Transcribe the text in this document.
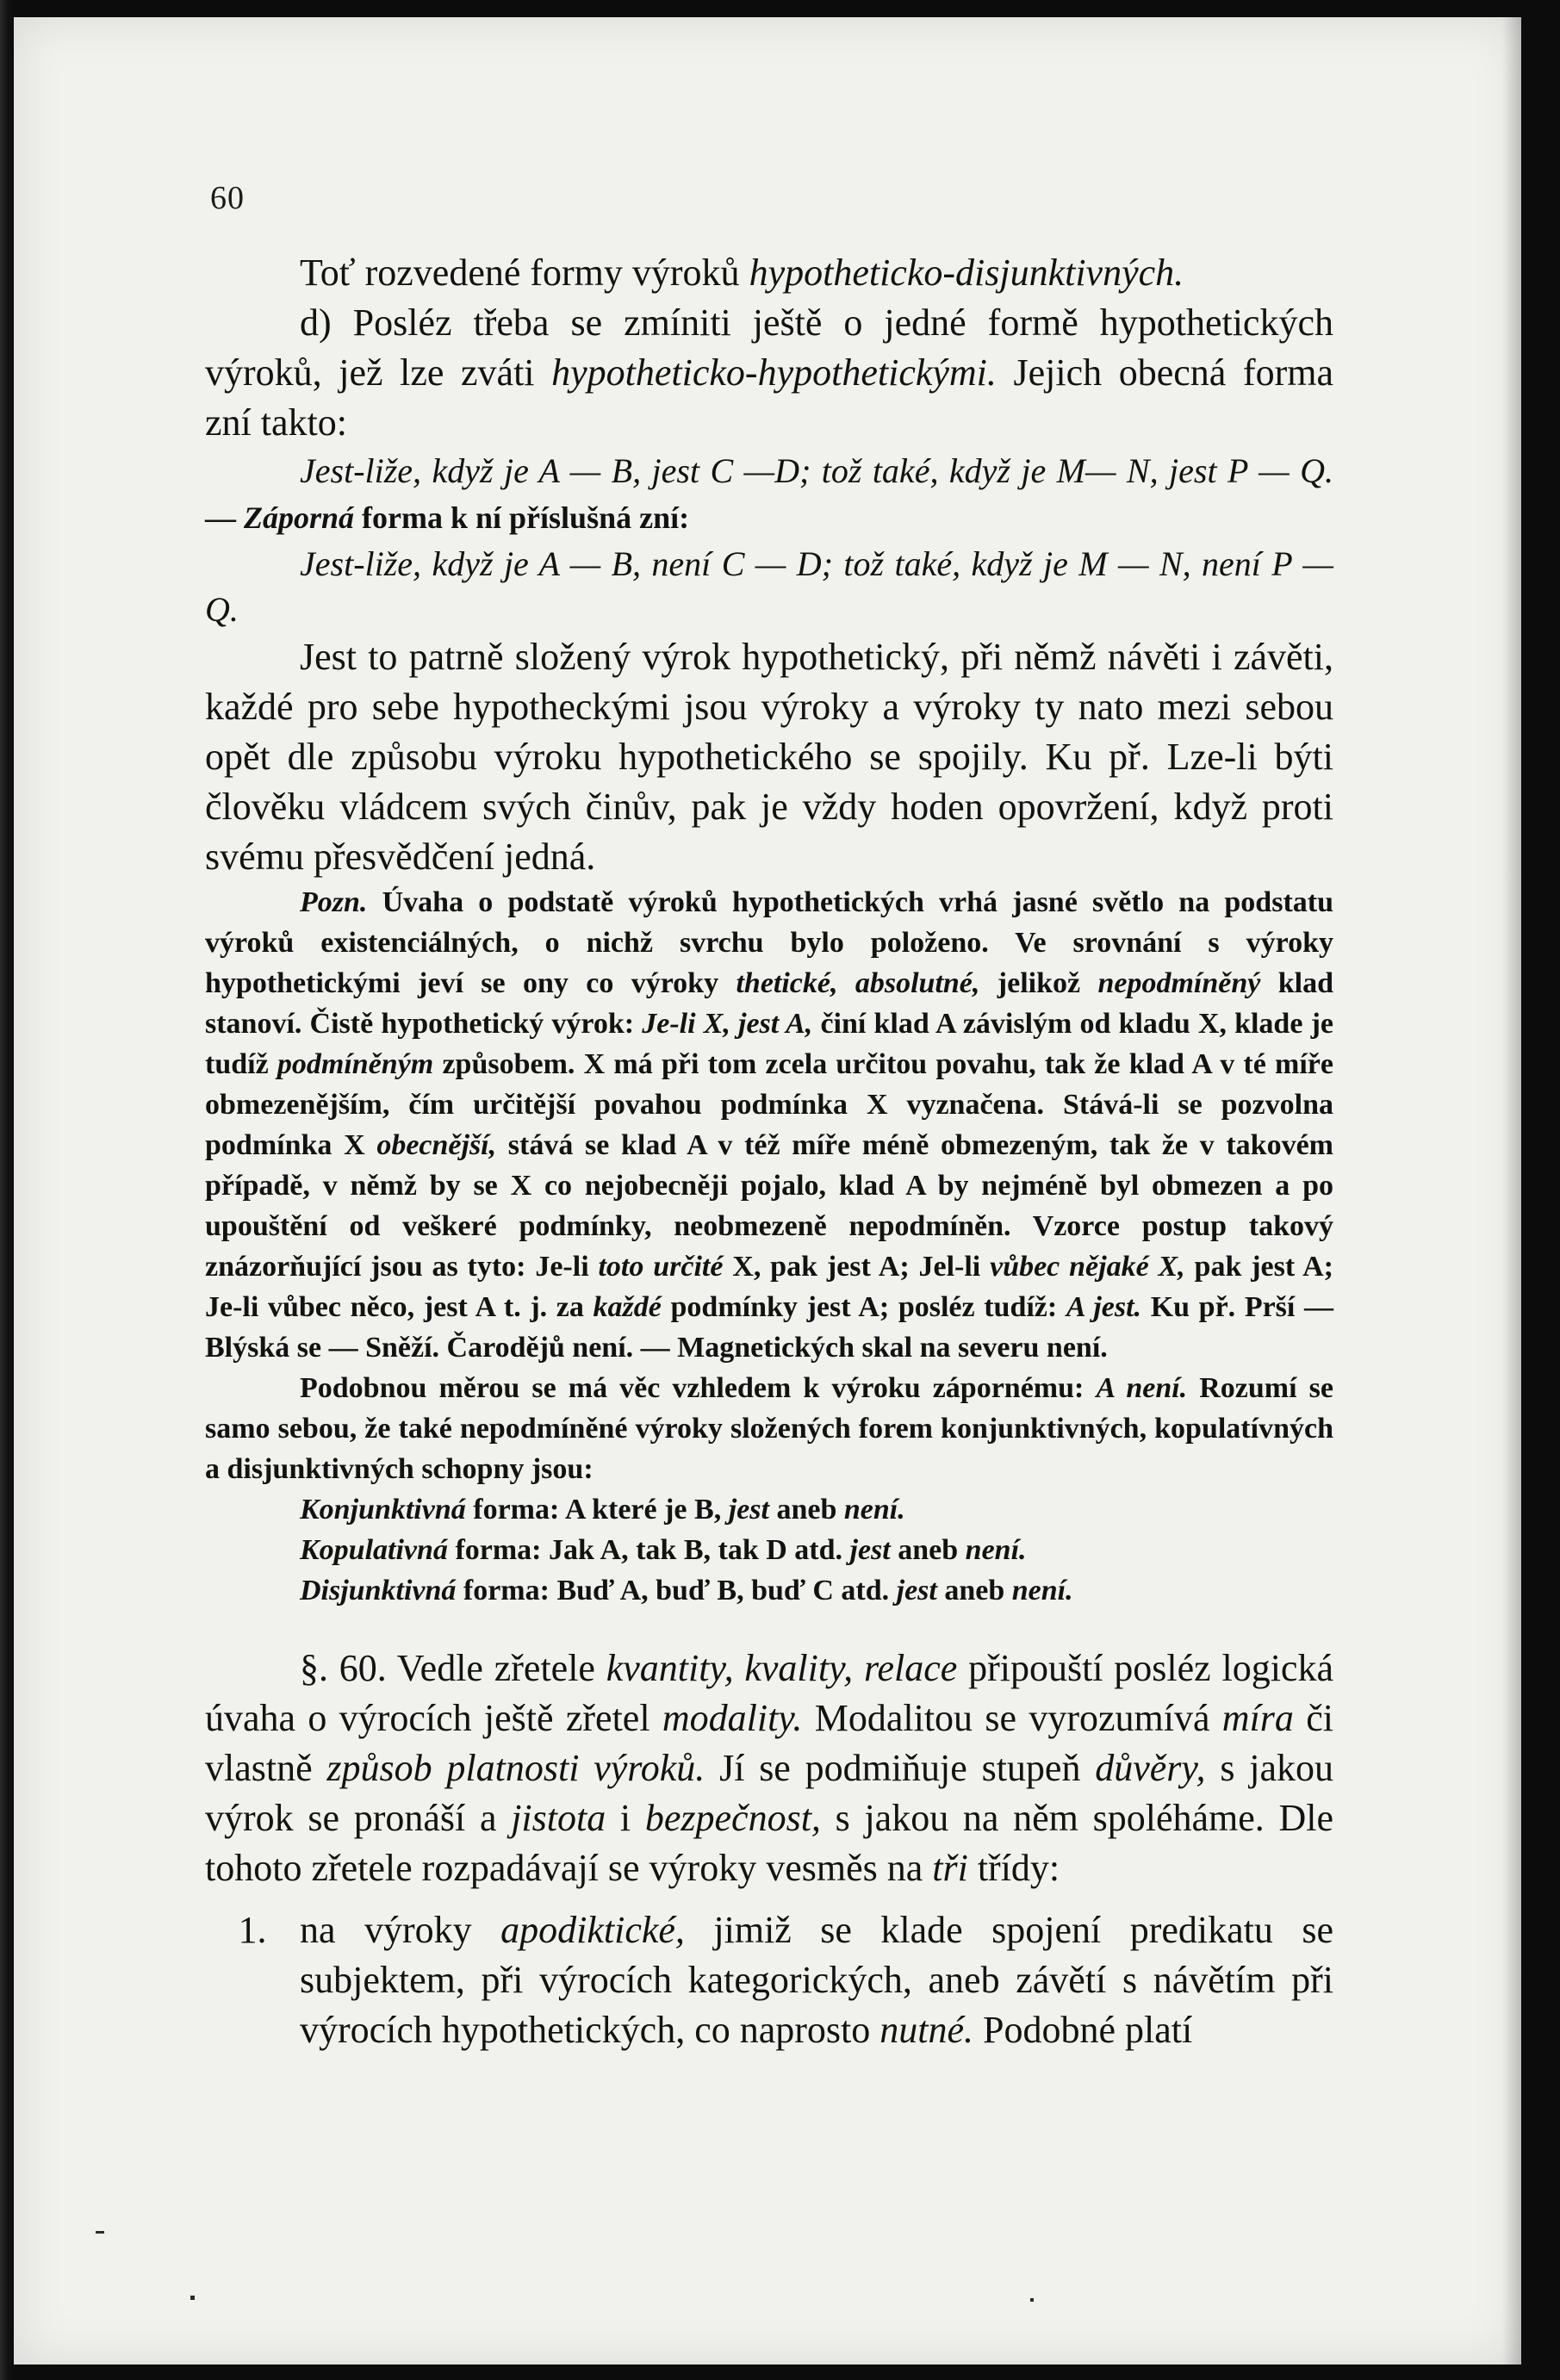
60

Toť rozvedené formy výroků hypotheticko-disjunktivných.

d) Posléz třeba se zmíniti ještě o jedné formě hypothetických výroků, jež lze zváti hypotheticko-hypothetickými. Jejich obecná forma zní takto:

Jest-liže, když je A — B, jest C —D; tož také, když je M— N, jest P — Q. — Záporná forma k ní příslušná zní:

Jest-liže, když je A — B, není C — D; tož také, když je M — N, není P — Q.

Jest to patrně složený výrok hypothetický, při němž návěti i závěti, každé pro sebe hypotheckými jsou výroky a výroky ty nato mezi sebou opět dle způsobu výroku hypothetického se spojily. Ku př. Lze-li býti člověku vládcem svých činův, pak je vždy hoden opovržení, když proti svému přesvědčení jedná.

Pozn. Úvaha o podstatě výroků hypothetických vrhá jasné světlo na podstatu výroků existenciálných, o nichž svrchu bylo položeno. Ve srovnání s výroky hypothetickými jeví se ony co výroky thetické, absolutné, jelikož nepodmíněný klad stanoví. Čistě hypothetický výrok: Je-li X, jest A, činí klad A závislým od kladu X, klade je tudíž podmíněným způsobem. X má při tom zcela určitou povahu, tak že klad A v té míře obmezenějším, čím určitější povahou podmínka X vyznačena. Stává-li se pozvolna podmínka X obecnější, stává se klad A v též míře méně obmezeným, tak že v takovém případě, v němž by se X co nejobecněji pojalo, klad A by nejméně byl obmezen a po upouštění od veškeré podmínky, neobmezeně nepodmíněn. Vzorce postup takový znázorňující jsou as tyto: Je-li toto určité X, pak jest A; Jel-li vůbec nějaké X, pak jest A; Je-li vůbec něco, jest A t. j. za každé podmínky jest A; posléz tudíž: A jest. Ku př. Prší — Blýská se — Sněží. Čarodějů není. — Magnetických skal na severu není.

Podobnou měrou se má věc vzhledem k výroku zápornému: A není. Rozumí se samo sebou, že také nepodmíněné výroky složených forem konjunktivných, kopulatívných a disjunktivných schopny jsou:

Konjunktivná forma: A které je B, jest aneb není.
Kopulativná forma: Jak A, tak B, tak D atd. jest aneb není.
Disjunktivná forma: Buď A, buď B, buď C atd. jest aneb není.

§. 60. Vedle zřetele kvantity, kvality, relace připouští posléz logická úvaha o výrocích ještě zřetel modality. Modalitou se vyrozumívá míra či vlastně způsob platnosti výroků. Jí se podmiňuje stupeň důvěry, s jakou výrok se pronáší a jistota i bezpečnost, s jakou na něm spoléháme. Dle tohoto zřetele rozpadávají se výroky vesměs na tři třídy:

1. na výroky apodiktické, jimiž se klade spojení predikatu se subjektem, při výrocích kategorických, aneb závětí s návětím při výrocích hypothetických, co naprosto nutné. Podobné platí
